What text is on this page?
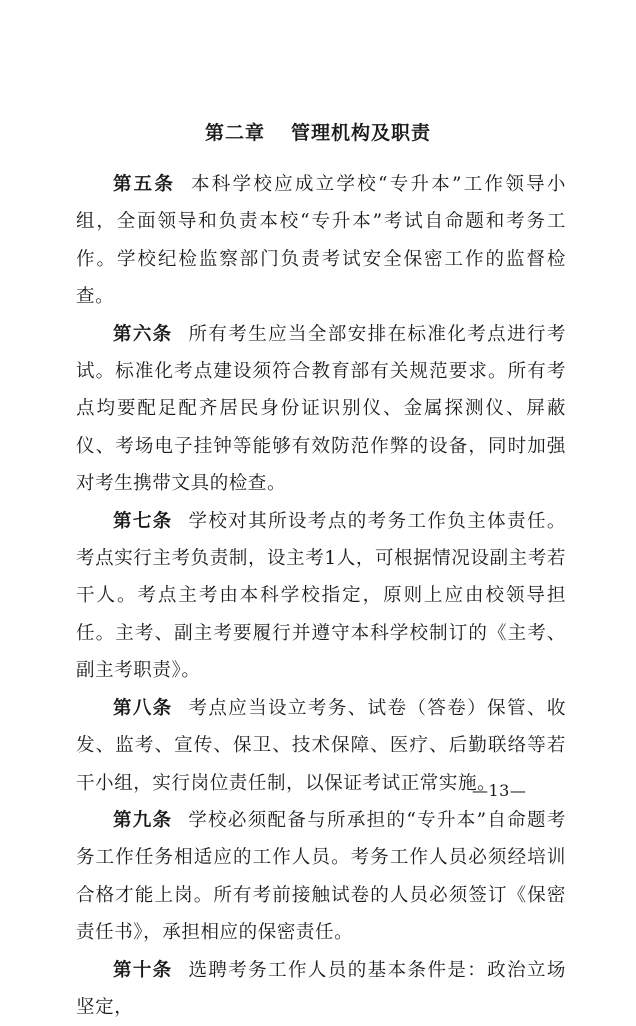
第二章 管理机构及职责

第五条 本科学校应成立学校“专升本”工作领导小组，全面领导和负责本校“专升本”考试自命题和考务工作。学校纪检监察部门负责考试安全保密工作的监督检查。

第六条 所有考生应当全部安排在标准化考点进行考试。标准化考点建设须符合教育部有关规范要求。所有考点均要配足配齐居民身份证识别仪、金属探测仪、屏蔽仪、考场电子挂钟等能够有效防范作弊的设备，同时加强对考生携带文具的检查。

第七条 学校对其所设考点的考务工作负主体责任。考点实行主考负责制，设主考1人，可根据情况设副主考若干人。考点主考由本科学校指定，原则上应由校领导担任。主考、副主考要履行并遵守本科学校制订的《主考、副主考职责》。

第八条 考点应当设立考务、试卷（答卷）保管、收发、监考、宣传、保卫、技术保障、医疗、后勤联络等若干小组，实行岗位责任制，以保证考试正常实施。

第九条 学校必须配备与所承担的“专升本”自命题考务工作任务相适应的工作人员。考务工作人员必须经培训合格才能上岗。所有考前接触试卷的人员必须签订《保密责任书》，承担相应的保密责任。

第十条 选聘考务工作人员的基本条件是：政治立场坚定，

—13—
